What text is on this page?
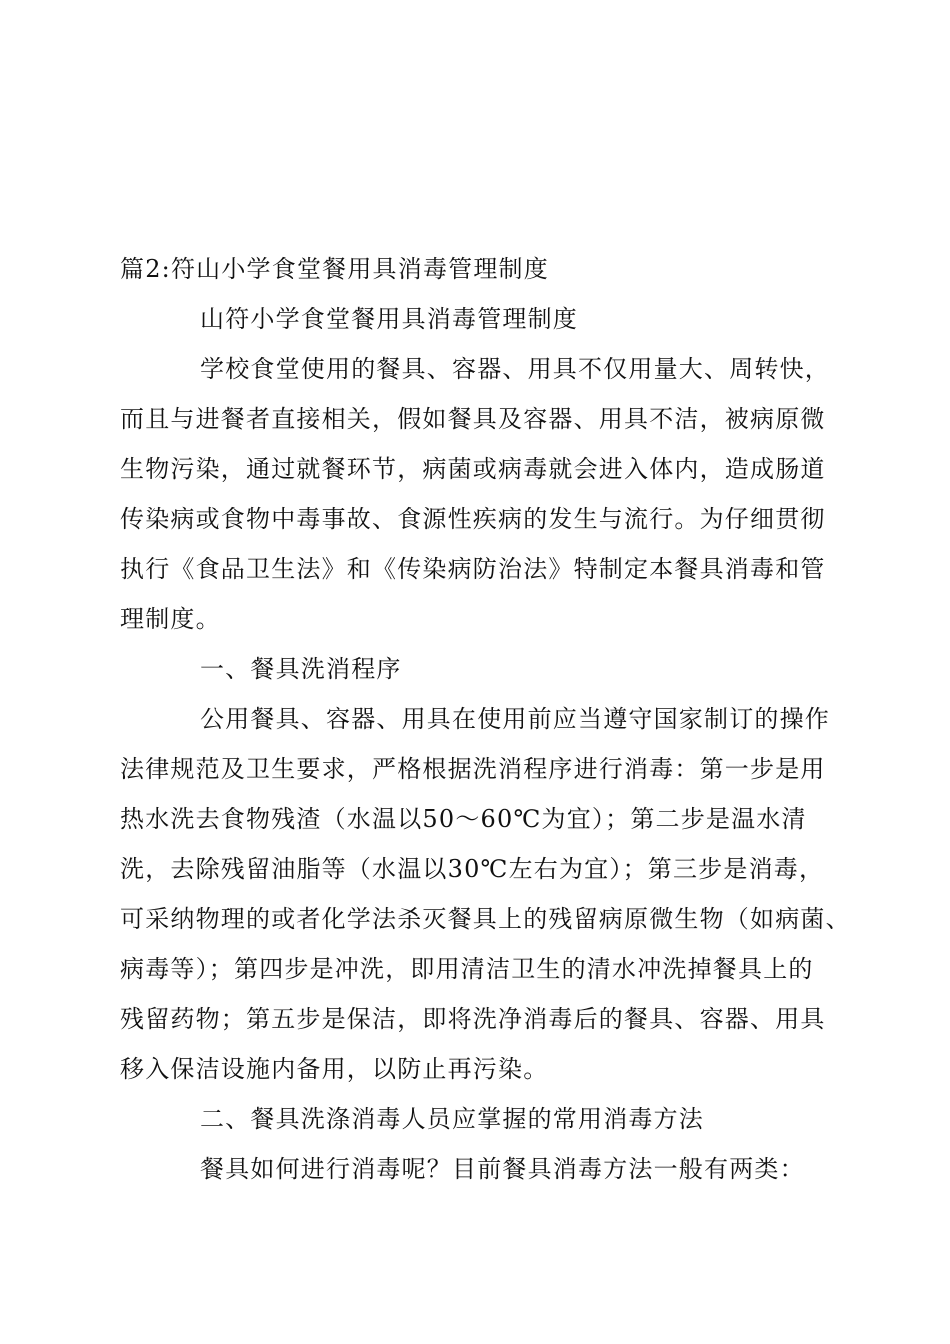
篇2:符山小学食堂餐用具消毒管理制度
山符小学食堂餐用具消毒管理制度
学校食堂使用的餐具、容器、用具不仅用量大、周转快，
而且与进餐者直接相关，假如餐具及容器、用具不洁，被病原微
生物污染，通过就餐环节，病菌或病毒就会进入体内，造成肠道
传染病或食物中毒事故、食源性疾病的发生与流行。为仔细贯彻
执行《食品卫生法》和《传染病防治法》特制定本餐具消毒和管
理制度。
一、餐具洗消程序
公用餐具、容器、用具在使用前应当遵守国家制订的操作
法律规范及卫生要求，严格根据洗消程序进行消毒：第一步是用
热水洗去食物残渣（水温以50～60℃为宜）；第二步是温水清
洗，去除残留油脂等（水温以30℃左右为宜）；第三步是消毒，
可采纳物理的或者化学法杀灭餐具上的残留病原微生物（如病菌、
病毒等）；第四步是冲洗，即用清洁卫生的清水冲洗掉餐具上的
残留药物；第五步是保洁，即将洗净消毒后的餐具、容器、用具
移入保洁设施内备用，以防止再污染。
二、餐具洗涤消毒人员应掌握的常用消毒方法
餐具如何进行消毒呢？目前餐具消毒方法一般有两类：
